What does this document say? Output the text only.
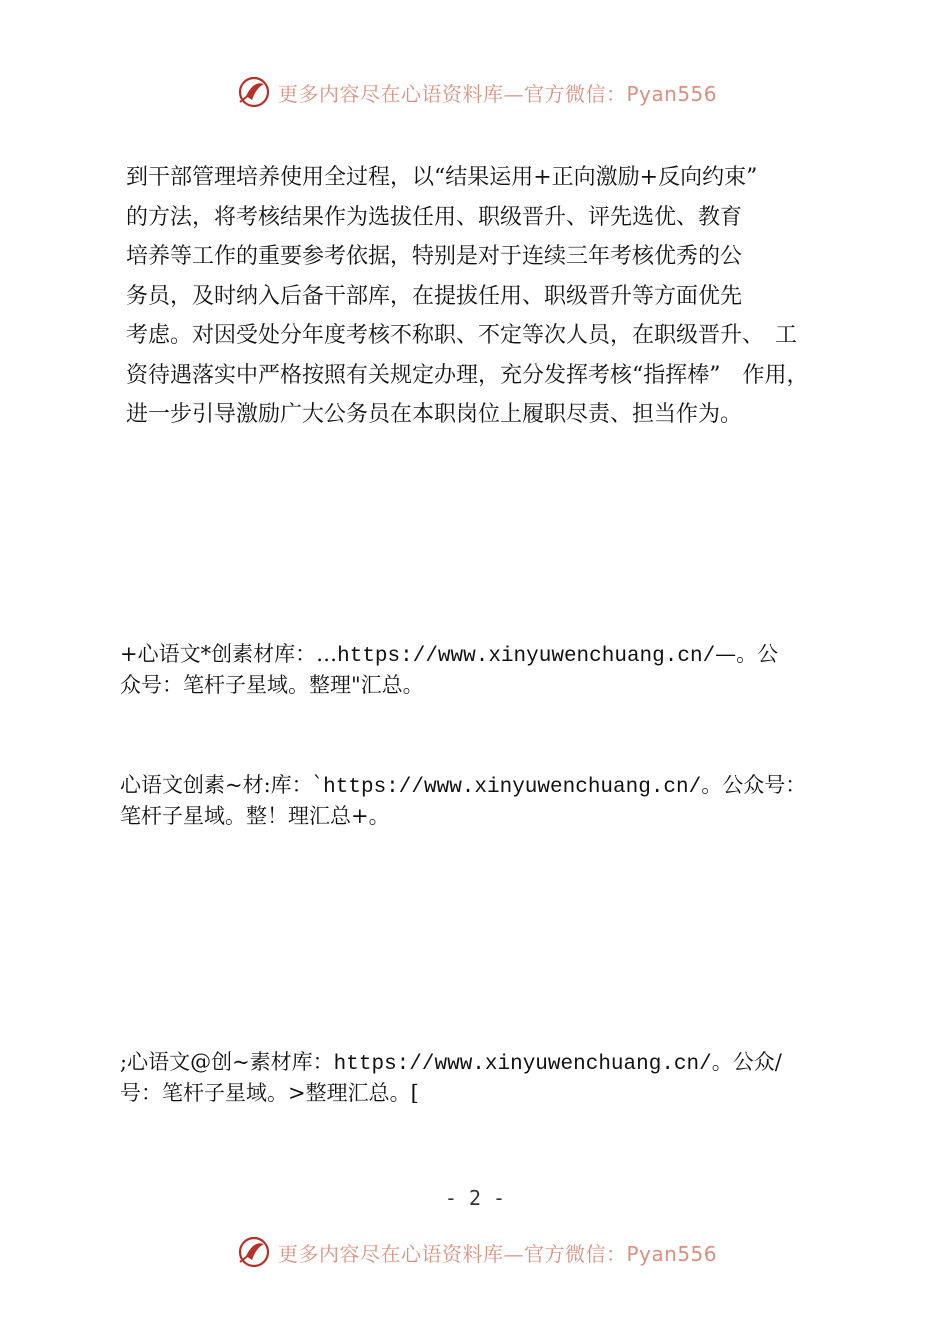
更多内容尽在心语资料库—官方微信：Pyan556
到干部管理培养使用全过程，以“结果运用+正向激励+反向约束”
的方法，将考核结果作为选拔任用、职级晋升、评先选优、教育
培养等工作的重要参考依据，特别是对于连续三年考核优秀的公
务员，及时纳入后备干部库，在提拔任用、职级晋升等方面优先
考虑。对因受处分年度考核不称职、不定等次人员，在职级晋升、　工
资待遇落实中严格按照有关规定办理，充分发挥考核“指挥棒”　作用，
进一步引导激励广大公务员在本职岗位上履职尽责、担当作为。
+心语文*创素材库：…https://www.xinyuwenchuang.cn/—。公
众号：笔杆子星域。整理"汇总。
心语文创素~材:库：`https://www.xinyuwenchuang.cn/。公众号：
笔杆子星域。整！理汇总+。
;心语文@创~素材库：https://www.xinyuwenchuang.cn/。公众/
号：笔杆子星域。>整理汇总。[
- 2 -
更多内容尽在心语资料库—官方微信：Pyan556
